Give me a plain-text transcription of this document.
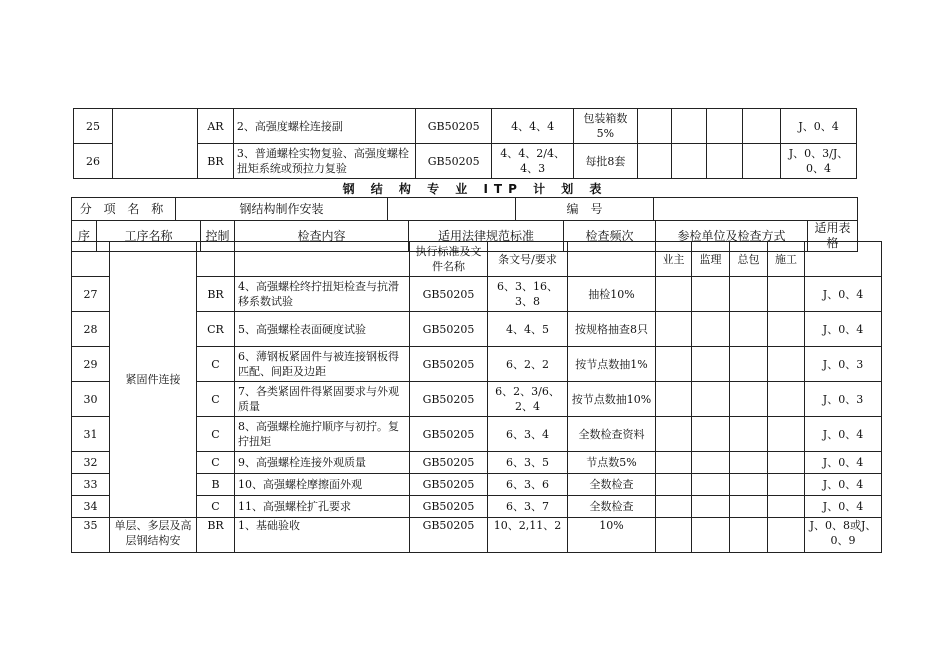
25		AR	2、高强度螺栓连接副	GB50205	4、4、4	包装箱数5%					J、0、4
26		BR	3、普通螺栓实物复验、高强度螺栓扭矩系统或预拉力复验	GB50205	4、4、2/4、4、3	每批8套					J、0、3/J、0、4
钢 结 构 专 业 ITP 计 划 表
分 项 名 称	钢结构制作安装		编　号	
序	工序名称	控制	检查内容	适用法律规范标准	检查频次	参检单位及检查方式	适用表格
	紧固件连接			执行标准及文件名称	条文号/要求		业主	监理	总包	施工	
27		BR	4、高强螺栓终拧扭矩检查与抗滑移系数试验	GB50205	6、3、16、3、8	抽检10%					J、0、4
28		CR	5、高强螺栓表面硬度试验	GB50205	4、4、5	按规格抽查8只					J、0、4
29		C	6、薄钢板紧固件与被连接钢板得匹配、间距及边距	GB50205	6、2、2	按节点数抽1%					J、0、3
30		C	7、各类紧固件得紧固要求与外观质量	GB50205	6、2、3/6、2、4	按节点数抽10%					J、0、3
31		C	8、高强螺栓施拧顺序与初拧。复拧扭矩	GB50205	6、3、4	全数检查资料					J、0、4
32		C	9、高强螺栓连接外观质量	GB50205	6、3、5	节点数5%					J、0、4
33		B	10、高强螺栓摩擦面外观	GB50205	6、3、6	全数检查					J、0、4
34		C	11、高强螺栓扩孔要求	GB50205	6、3、7	全数检查					J、0、4
35	单层、多层及高层钢结构安	BR	1、基础验收	GB50205	10、2,11、2	10%					J、0、8或J、0、9
